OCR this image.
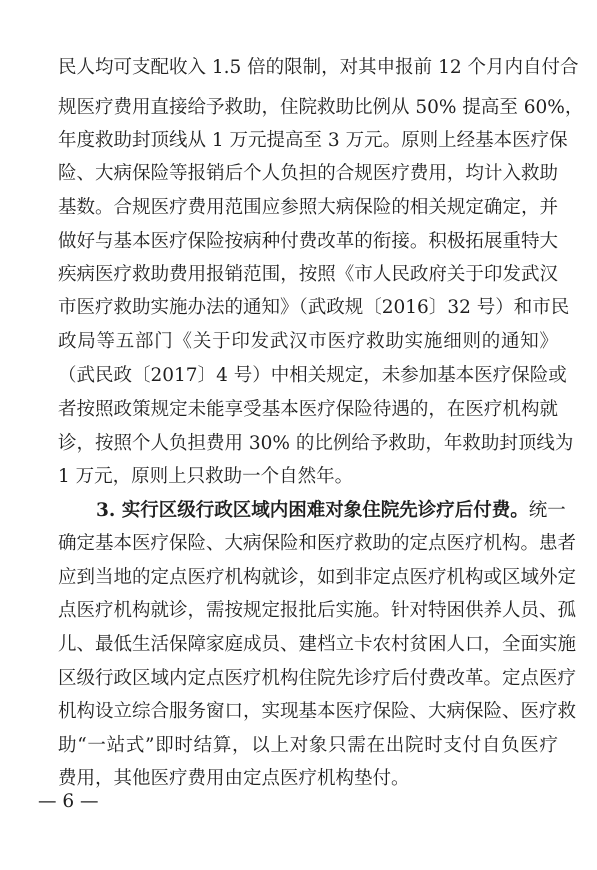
民人均可支配收入 1.5 倍的限制，对其申报前 12 个月内自付合
规医疗费用直接给予救助，住院救助比例从 50% 提高至 60%，
年度救助封顶线从 1 万元提高至 3 万元。原则上经基本医疗保
险、大病保险等报销后个人负担的合规医疗费用，均计入救助
基数。合规医疗费用范围应参照大病保险的相关规定确定，并
做好与基本医疗保险按病种付费改革的衔接。积极拓展重特大
疾病医疗救助费用报销范围，按照《市人民政府关于印发武汉
市医疗救助实施办法的通知》（武政规〔2016〕32 号）和市民
政局等五部门《关于印发武汉市医疗救助实施细则的通知》
（武民政〔2017〕4 号）中相关规定，未参加基本医疗保险或
者按照政策规定未能享受基本医疗保险待遇的，在医疗机构就
诊，按照个人负担费用 30% 的比例给予救助，年救助封顶线为
1 万元，原则上只救助一个自然年。
3. 实行区级行政区域内困难对象住院先诊疗后付费。统一
确定基本医疗保险、大病保险和医疗救助的定点医疗机构。患者
应到当地的定点医疗机构就诊，如到非定点医疗机构或区域外定
点医疗机构就诊，需按规定报批后实施。针对特困供养人员、孤
儿、最低生活保障家庭成员、建档立卡农村贫困人口，全面实施
区级行政区域内定点医疗机构住院先诊疗后付费改革。定点医疗
机构设立综合服务窗口，实现基本医疗保险、大病保险、医疗救
助“一站式”即时结算，以上对象只需在出院时支付自负医疗
费用，其他医疗费用由定点医疗机构垫付。
— 6 —
